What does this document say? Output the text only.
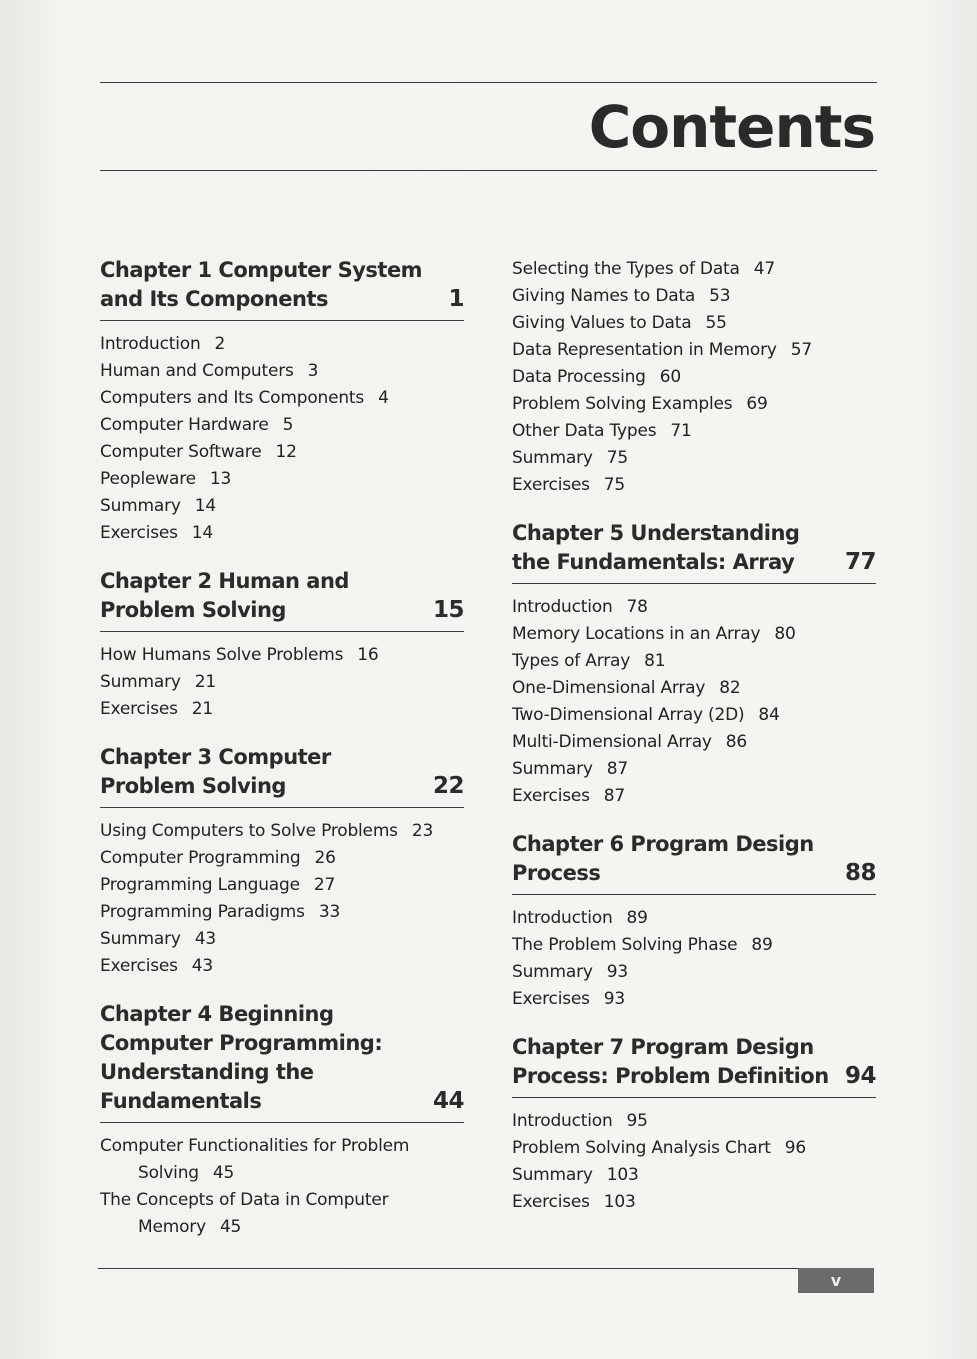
Contents
Chapter 1 Computer System and Its Components	1
Introduction 2
Human and Computers 3
Computers and Its Components 4
Computer Hardware 5
Computer Software 12
Peopleware 13
Summary 14
Exercises 14
Chapter 2 Human and Problem Solving	15
How Humans Solve Problems 16
Summary 21
Exercises 21
Chapter 3 Computer Problem Solving	22
Using Computers to Solve Problems 23
Computer Programming 26
Programming Language 27
Programming Paradigms 33
Summary 43
Exercises 43
Chapter 4 Beginning Computer Programming: Understanding the Fundamentals	44
Computer Functionalities for Problem
Solving 45
The Concepts of Data in Computer
Memory 45
Selecting the Types of Data 47
Giving Names to Data 53
Giving Values to Data 55
Data Representation in Memory 57
Data Processing 60
Problem Solving Examples 69
Other Data Types 71
Summary 75
Exercises 75
Chapter 5 Understanding the Fundamentals: Array 77
Introduction 78
Memory Locations in an Array 80
Types of Array 81
One-Dimensional Array 82
Two-Dimensional Array (2D) 84
Multi-Dimensional Array 86
Summary 87
Exercises 87
Chapter 6 Program Design Process	88
Introduction 89
The Problem Solving Phase 89
Summary 93
Exercises 93
Chapter 7 Program Design Process: Problem Definition 94
Introduction 95
Problem Solving Analysis Chart 96
Summary 103
Exercises 103
v
